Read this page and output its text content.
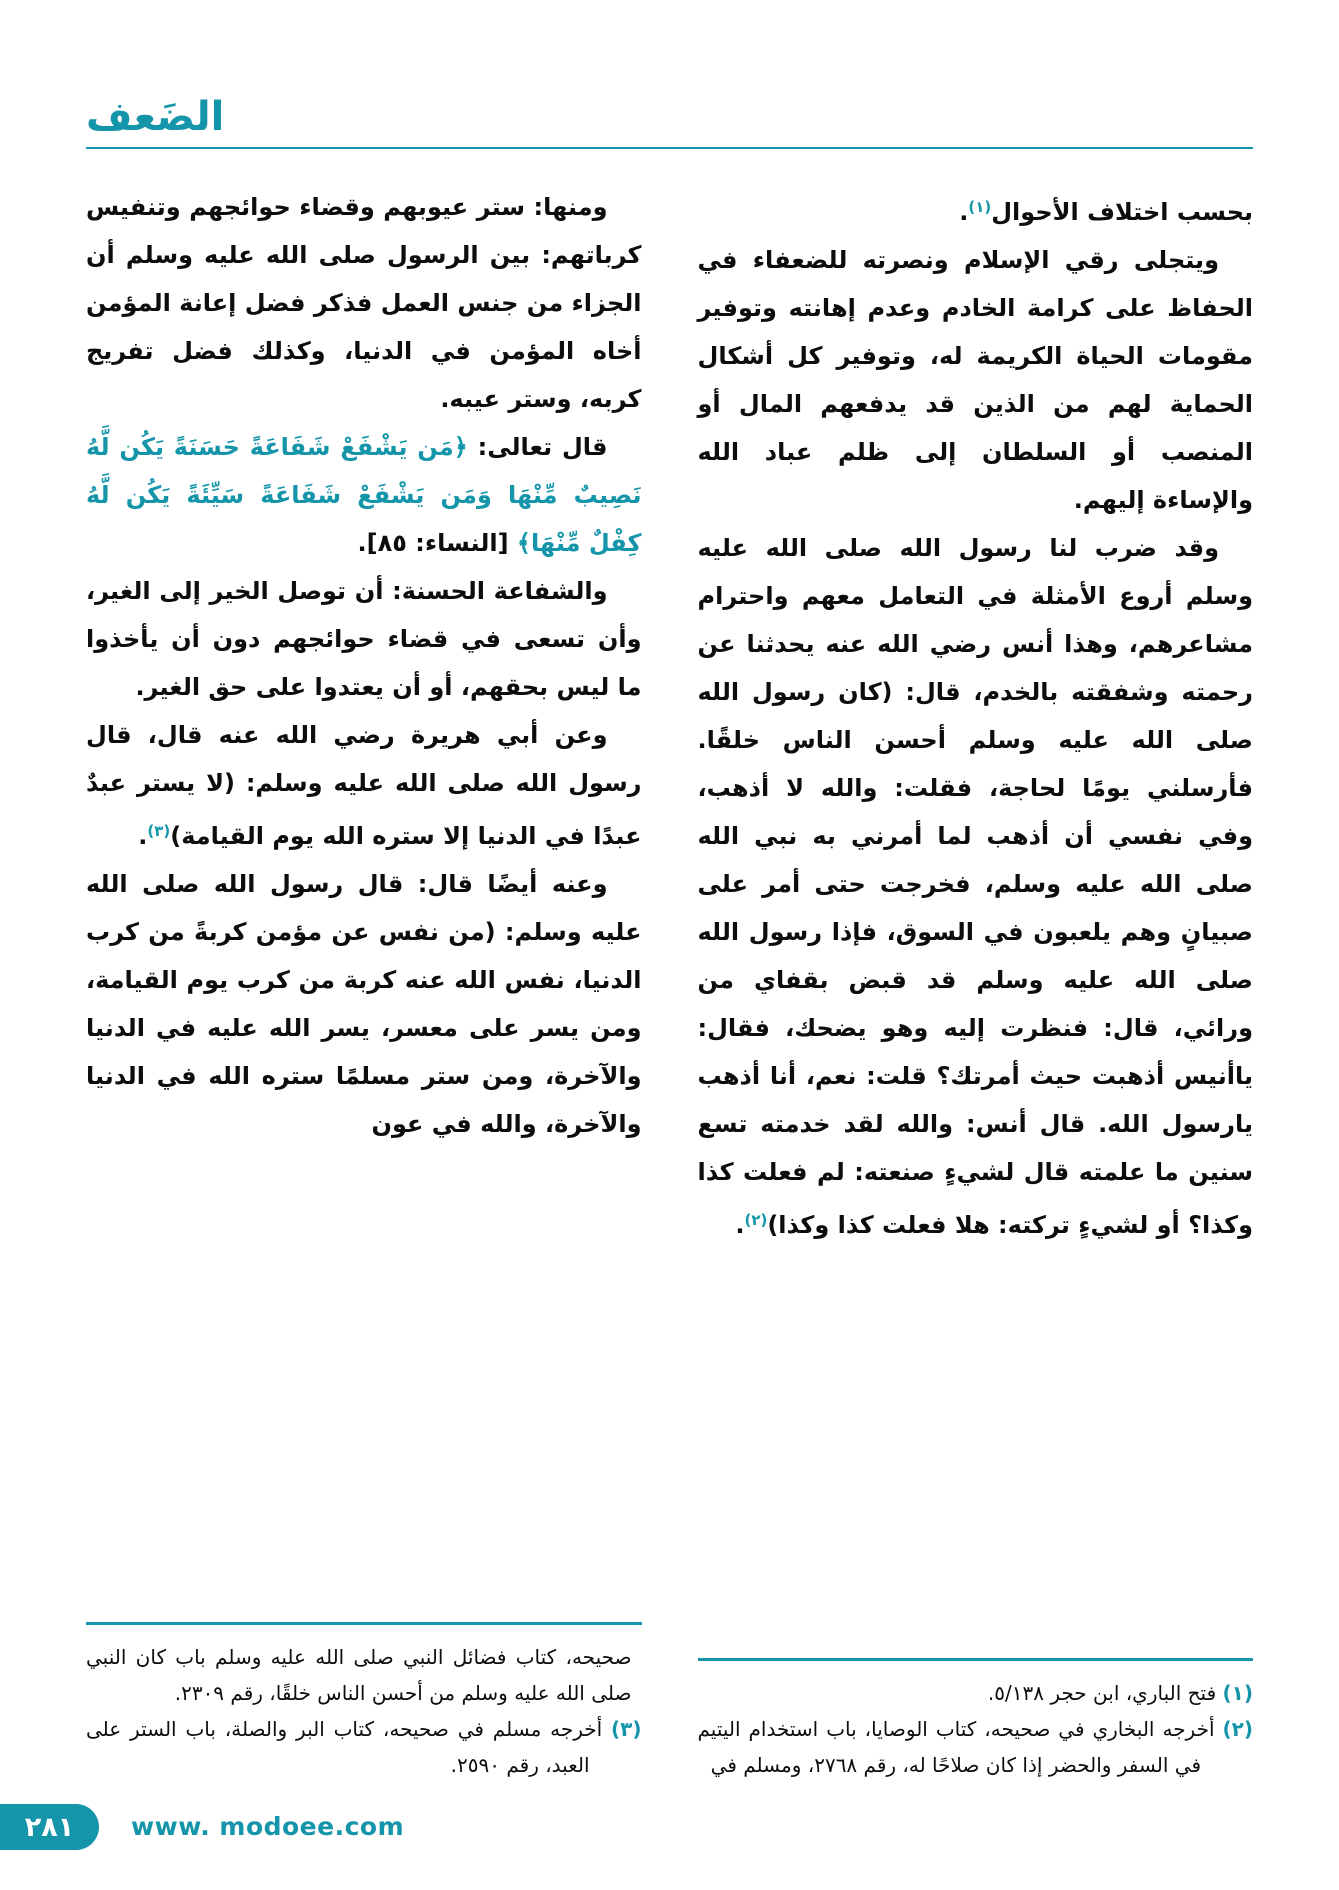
الضَعف

بحسب اختلاف الأحوال$^{(١)}$.

ويتجلى رقي الإسلام ونصرته للضعفاء في الحفاظ على كرامة الخادم وعدم إهانته وتوفير مقومات الحياة الكريمة له، وتوفير كل أشكال الحماية لهم من الذين قد يدفعهم المال أو المنصب أو السلطان إلى ظلم عباد الله والإساءة إليهم.

وقد ضرب لنا رسول الله صلى الله عليه وسلم أروع الأمثلة في التعامل معهم واحترام مشاعرهم، وهذا أنس رضي الله عنه يحدثنا عن رحمته وشفقته بالخدم، قال: (كان رسول الله صلى الله عليه وسلم أحسن الناس خلقًا. فأرسلني يومًا لحاجة، فقلت: والله لا أذهب، وفي نفسي أن أذهب لما أمرني به نبي الله صلى الله عليه وسلم، فخرجت حتى أمر على صبيانٍ وهم يلعبون في السوق، فإذا رسول الله صلى الله عليه وسلم قد قبض بقفاي من ورائي، قال: فنظرت إليه وهو يضحك، فقال: ياأنيس أذهبت حيث أمرتك؟ قلت: نعم، أنا أذهب يارسول الله. قال أنس: والله لقد خدمته تسع سنين ما علمته قال لشيءٍ صنعته: لم فعلت كذا وكذا؟ أو لشيءٍ تركته: هلا فعلت كذا وكذا)$^{(٢)}$.

(١) فتح الباري، ابن حجر ٥/١٣٨.

(٢) أخرجه البخاري في صحيحه، كتاب الوصايا، باب استخدام اليتيم في السفر والحضر إذا كان صلاحًا له، رقم ٢٧٦٨، ومسلم في

ومنها: ستر عيوبهم وقضاء حوائجهم وتنفيس كرباتهم: بين الرسول صلى الله عليه وسلم أن الجزاء من جنس العمل فذكر فضل إعانة المؤمن أخاه المؤمن في الدنيا، وكذلك فضل تفريج كربه، وستر عيبه.

قال تعالى: ﴿مَن يَشْفَعْ شَفَاعَةً حَسَنَةً يَكُن لَّهُ نَصِيبٌ مِّنْهَا وَمَن يَشْفَعْ شَفَاعَةً سَيِّئَةً يَكُن لَّهُ كِفْلٌ مِّنْهَا﴾ [النساء: ٨٥].

والشفاعة الحسنة: أن توصل الخير إلى الغير، وأن تسعى في قضاء حوائجهم دون أن يأخذوا ما ليس بحقهم، أو أن يعتدوا على حق الغير.

وعن أبي هريرة رضي الله عنه قال، قال رسول الله صلى الله عليه وسلم: (لا يستر عبدٌ عبدًا في الدنيا إلا ستره الله يوم القيامة)$^{(٣)}$.

وعنه أيضًا قال: قال رسول الله صلى الله عليه وسلم: (من نفس عن مؤمن كربةً من كرب الدنيا، نفس الله عنه كربة من كرب يوم القيامة، ومن يسر على معسر، يسر الله عليه في الدنيا والآخرة، ومن ستر مسلمًا ستره الله في الدنيا والآخرة، والله في عون

صحيحه، كتاب فضائل النبي صلى الله عليه وسلم باب كان النبي صلى الله عليه وسلم من أحسن الناس خلقًا، رقم ٢٣٠٩.

(٣) أخرجه مسلم في صحيحه، كتاب البر والصلة، باب الستر على العبد، رقم ٢٥٩٠.

٢٨١ www. modoee.com
